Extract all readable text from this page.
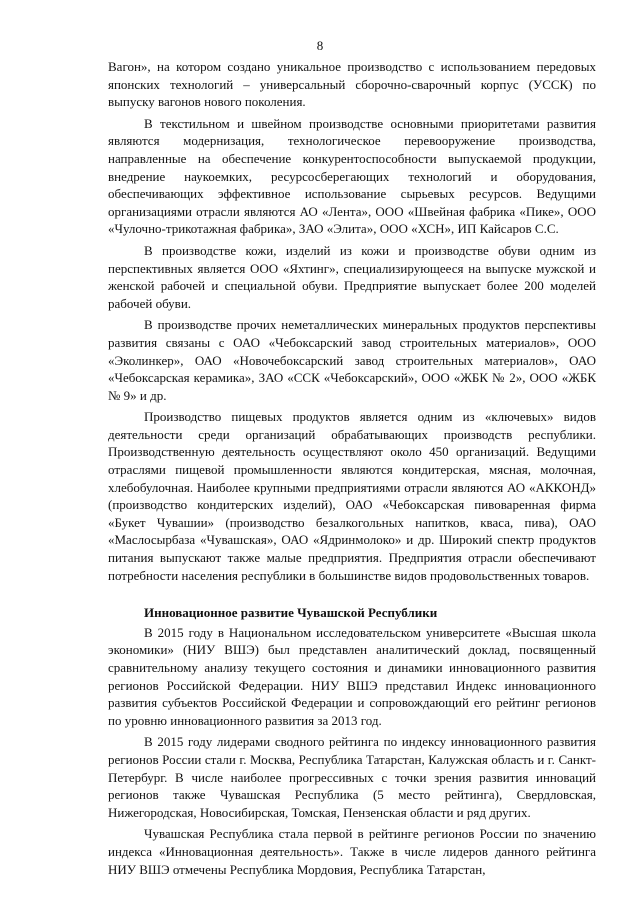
8

Вагон», на котором создано уникальное производство с использованием передовых японских технологий – универсальный сборочно-сварочный корпус (УССК) по выпуску вагонов нового поколения.

В текстильном и швейном производстве основными приоритетами развития являются модернизация, технологическое перевооружение производства, направленные на обеспечение конкурентоспособности выпускаемой продукции, внедрение наукоемких, ресурсосберегающих технологий и оборудования, обеспечивающих эффективное использование сырьевых ресурсов. Ведущими организациями отрасли являются АО «Лента», ООО «Швейная фабрика «Пике», ООО «Чулочно-трикотажная фабрика», ЗАО «Элита», ООО «ХСН», ИП Кайсаров С.С.

В производстве кожи, изделий из кожи и производстве обуви одним из перспективных является ООО «Яхтинг», специализирующееся на выпуске мужской и женской рабочей и специальной обуви. Предприятие выпускает более 200 моделей рабочей обуви.

В производстве прочих неметаллических минеральных продуктов перспективы развития связаны с ОАО «Чебоксарский завод строительных материалов», ООО «Эколинкер», ОАО «Новочебоксарский завод строительных материалов», ОАО «Чебоксарская керамика», ЗАО «ССК «Чебоксарский», ООО «ЖБК № 2», ООО «ЖБК № 9» и др.

Производство пищевых продуктов является одним из «ключевых» видов деятельности среди организаций обрабатывающих производств республики. Производственную деятельность осуществляют около 450 организаций. Ведущими отраслями пищевой промышленности являются кондитерская, мясная, молочная, хлебобулочная. Наиболее крупными предприятиями отрасли являются АО «АККОНД» (производство кондитерских изделий), ОАО «Чебоксарская пивоваренная фирма «Букет Чувашии» (производство безалкогольных напитков, кваса, пива), ОАО «Маслосырбаза «Чувашская», ОАО «Ядринмолоко» и др. Широкий спектр продуктов питания выпускают также малые предприятия. Предприятия отрасли обеспечивают потребности населения республики в большинстве видов продовольственных товаров.

Инновационное развитие Чувашской Республики

В 2015 году в Национальном исследовательском университете «Высшая школа экономики» (НИУ ВШЭ) был представлен аналитический доклад, посвященный сравнительному анализу текущего состояния и динамики инновационного развития регионов Российской Федерации. НИУ ВШЭ представил Индекс инновационного развития субъектов Российской Федерации и сопровождающий его рейтинг регионов по уровню инновационного развития за 2013 год.

В 2015 году лидерами сводного рейтинга по индексу инновационного развития регионов России стали г. Москва, Республика Татарстан, Калужская область и г. Санкт-Петербург. В числе наиболее прогрессивных с точки зрения развития инноваций регионов также Чувашская Республика (5 место рейтинга), Свердловская, Нижегородская, Новосибирская, Томская, Пензенская области и ряд других.

Чувашская Республика стала первой в рейтинге регионов России по значению индекса «Инновационная деятельность». Также в числе лидеров данного рейтинга НИУ ВШЭ отмечены Республика Мордовия, Республика Татарстан,
